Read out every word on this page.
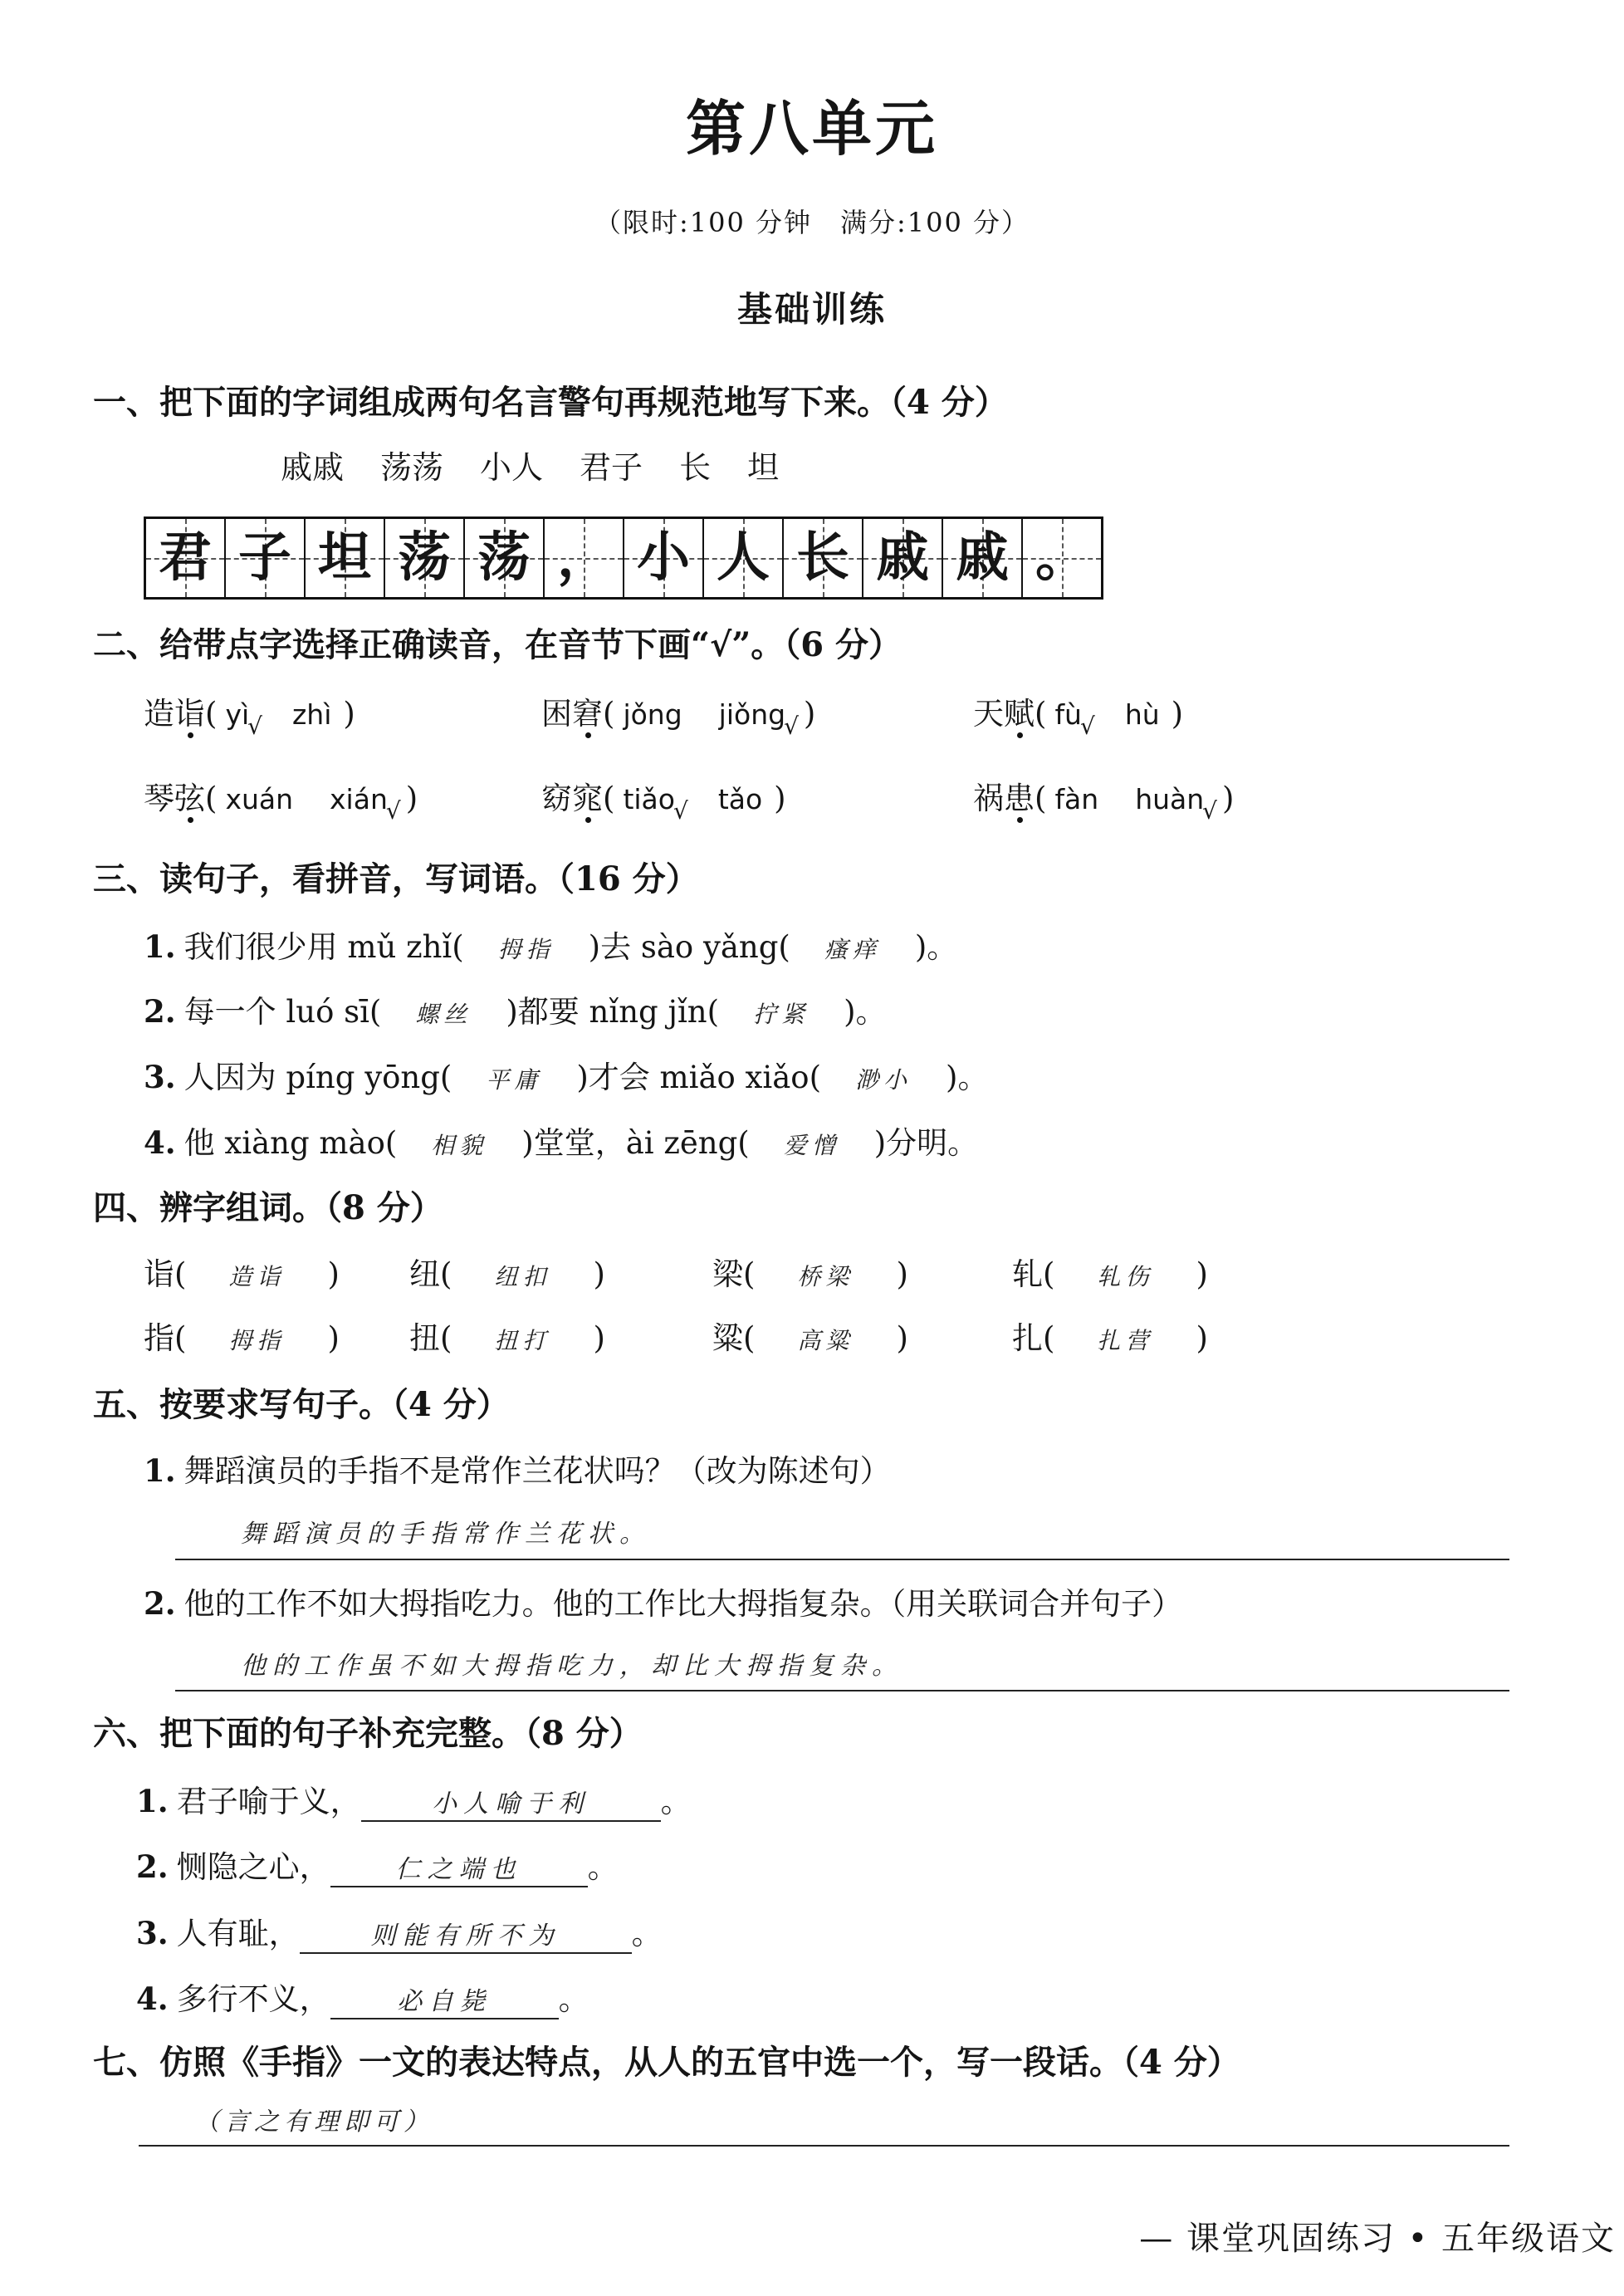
第八单元
（限时:100 分钟　满分:100 分）
基础训练
一、把下面的字词组成两句名言警句再规范地写下来。（4 分）
戚戚 荡荡 小人 君子 长 坦
君 子 坦 荡 荡 ， 小 人 长 戚 戚 。
二、给带点字选择正确读音，在音节下画“√”。（6 分）
造诣( yì√ zhì )	困窘( jǒng jiǒng√ )	天赋( fù√ hù )
琴弦( xuán xián√ )	窈窕( tiǎo√ tǎo )	祸患( fàn huàn√ )
三、读句子，看拼音，写词语。（16 分）
1. 我们很少用 mǔ zhǐ( 拇指 )去 sào yǎng( 瘙痒 )。
2. 每一个 luó sī( 螺丝 )都要 nǐng jǐn( 拧紧 )。
3. 人因为 píng yōng( 平庸 )才会 miǎo xiǎo( 渺小 )。
4. 他 xiàng mào( 相貌 )堂堂，ài zēng( 爱憎 )分明。
四、辨字组词。（8 分）
诣( 造诣 ) 纽( 纽扣 )	梁( 桥梁 )	轧( 轧伤 )
指( 拇指 ) 扭( 扭打 )	粱( 高粱 )	扎( 扎营 )
五、按要求写句子。（4 分）
1. 舞蹈演员的手指不是常作兰花状吗？（改为陈述句）
舞蹈演员的手指常作兰花状。
2. 他的工作不如大拇指吃力。他的工作比大拇指复杂。（用关联词合并句子）
他的工作虽不如大拇指吃力，却比大拇指复杂。
六、把下面的句子补充完整。（8 分）
1. 君子喻于义，	小人喻于利 。
2. 恻隐之心，	仁之端也 。
3. 人有耻，	则能有所不为 。
4. 多行不义，	必自毙 。
七、仿照《手指》一文的表达特点，从人的五官中选一个，写一段话。（4 分）
（言之有理即可）
— 课堂巩固练习 • 五年级语文
